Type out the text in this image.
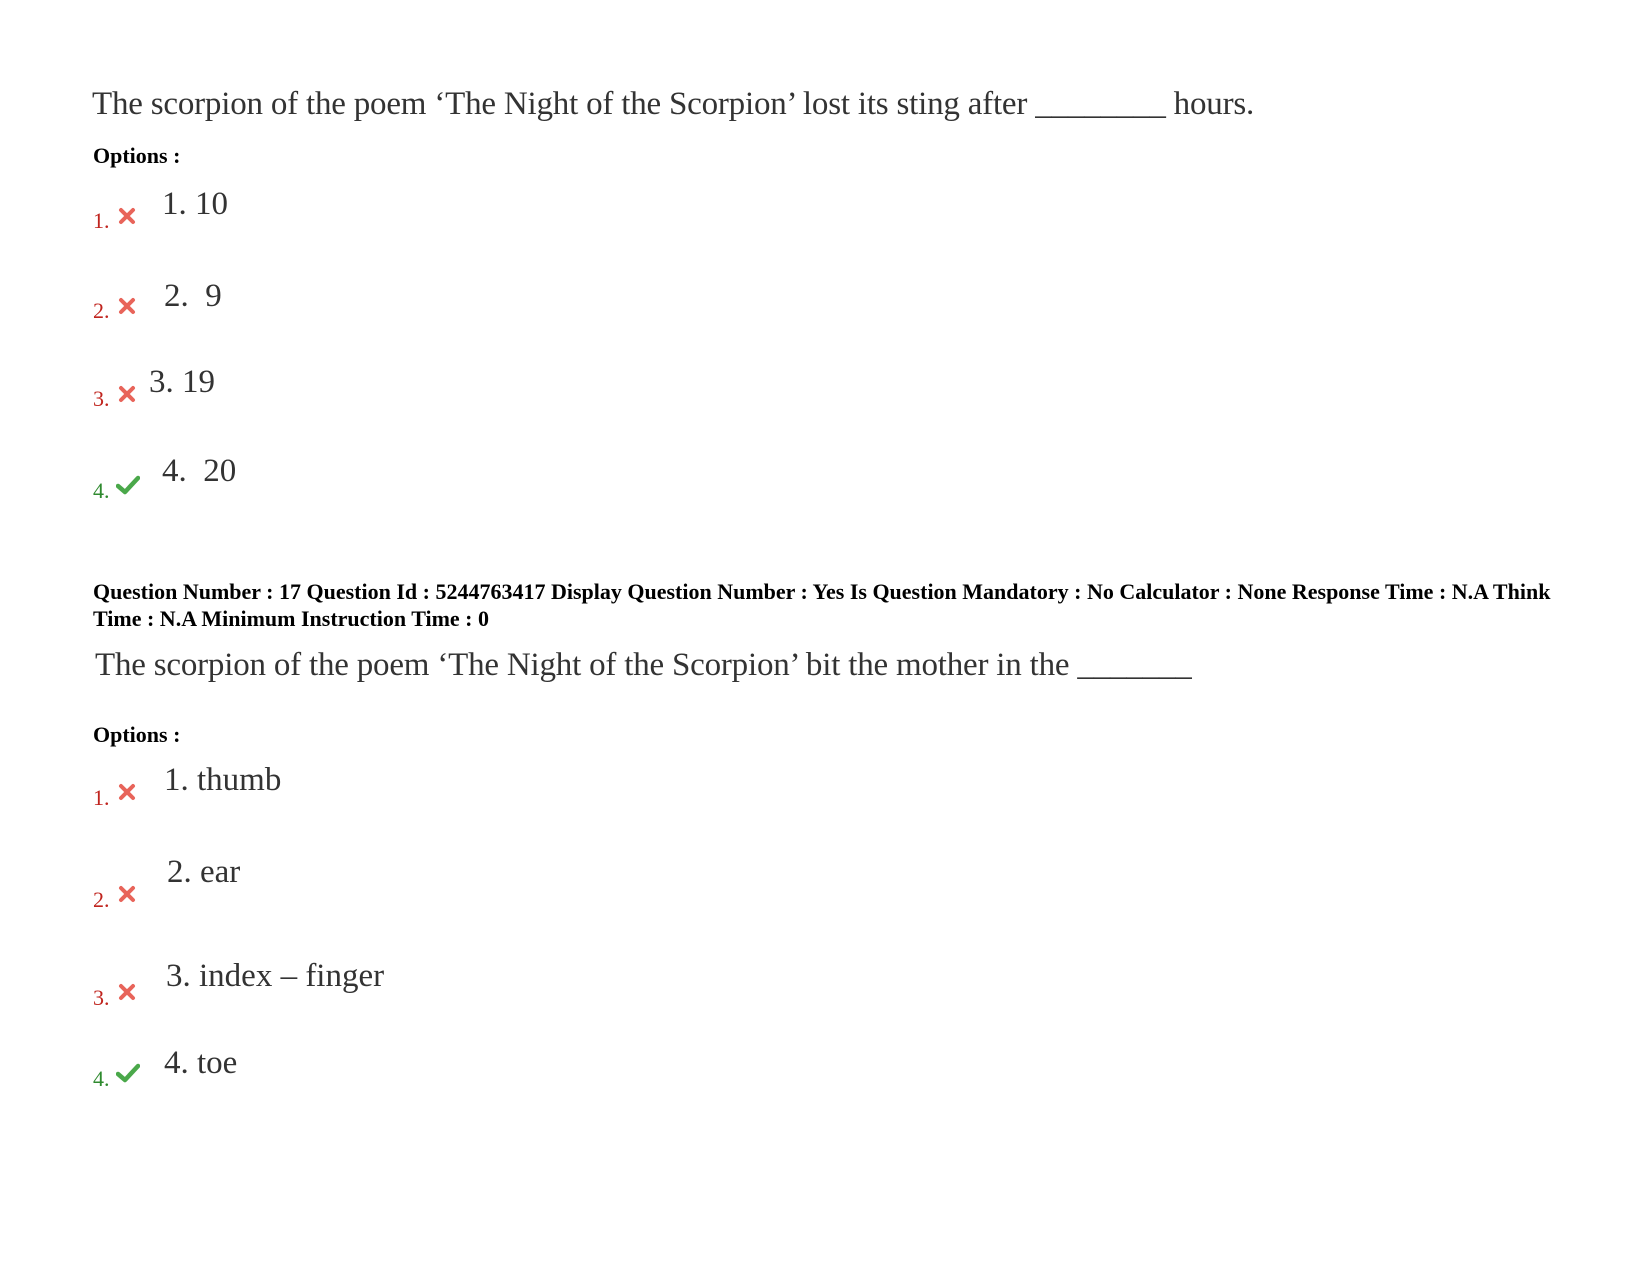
The scorpion of the poem ‘The Night of the Scorpion’ lost its sting after ________ hours.
Options :
1. 1. 10
2. 2.  9
3. 3. 19
4.
4.  20
Question Number : 17 Question Id : 5244763417 Display Question Number : Yes Is Question Mandatory : No Calculator : None Response Time : N.A Think Time : N.A Minimum Instruction Time : 0
The scorpion of the poem ‘The Night of the Scorpion’ bit the mother in the _______
Options :
1. 1. thumb
2.
2. ear
3.
3. index – finger
4. 4. toe
